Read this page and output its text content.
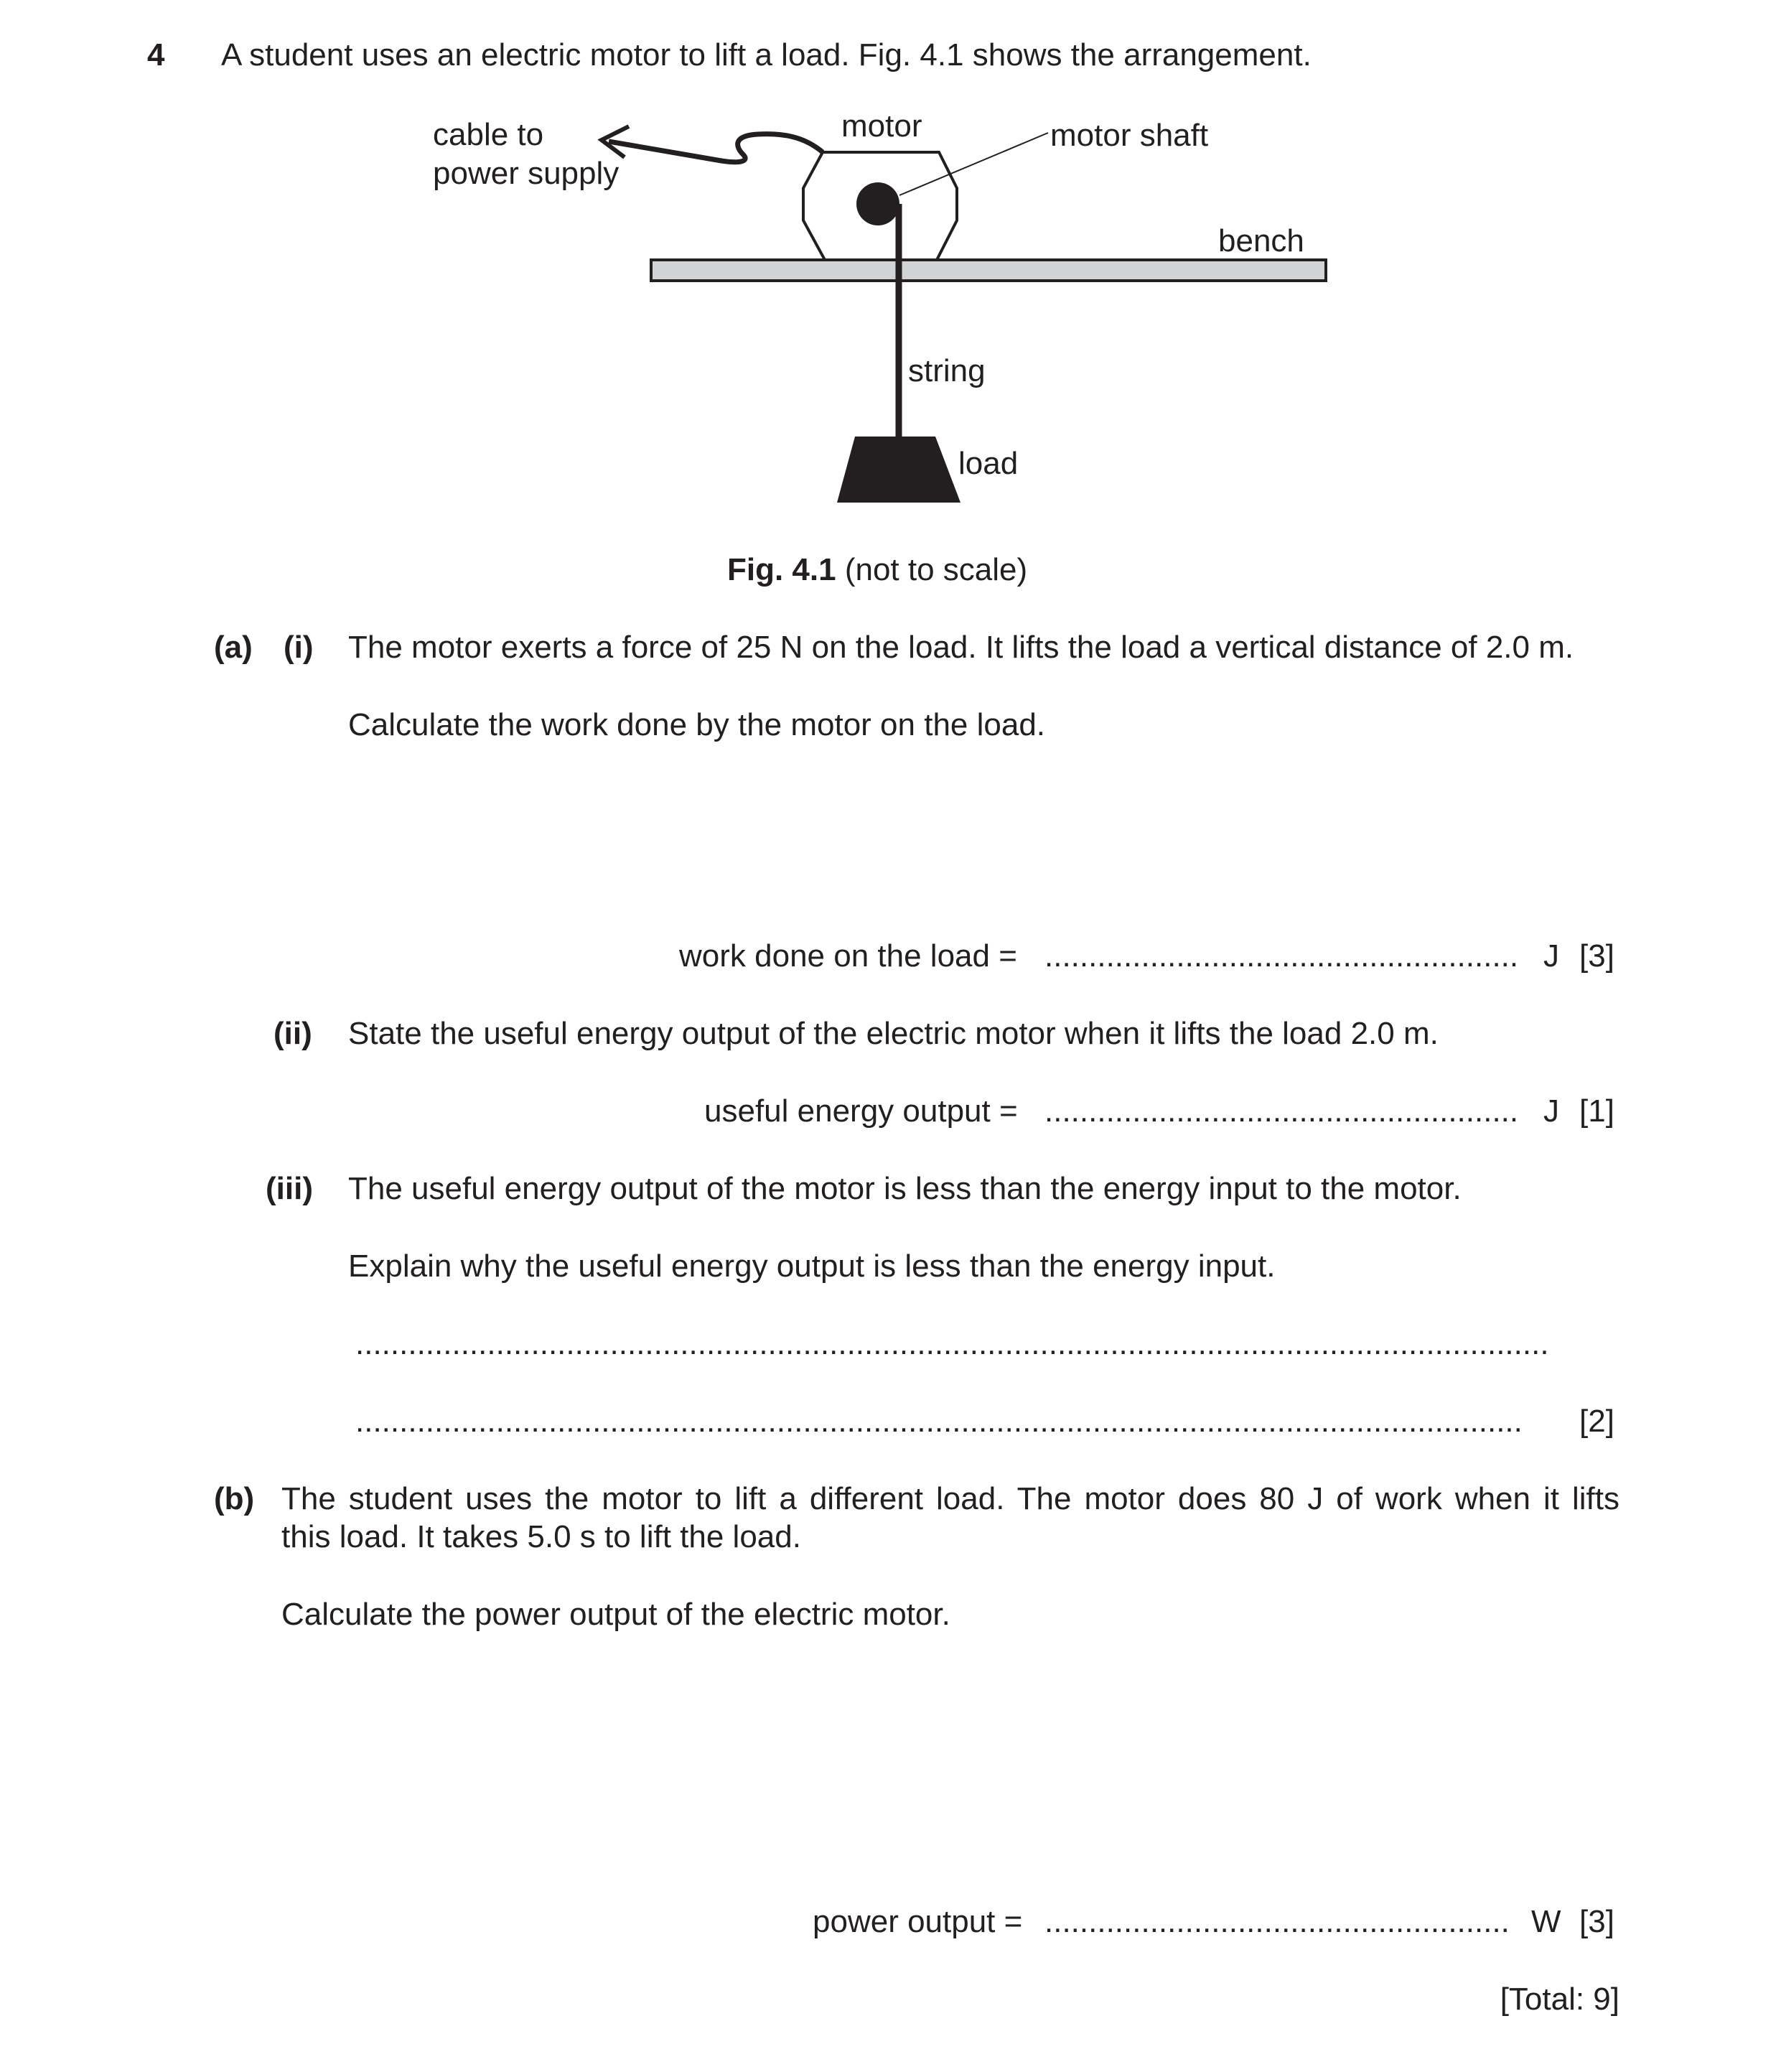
4 A student uses an electric motor to lift a load. Fig. 4.1 shows the arrangement.
cable to
power supply
motor	motor shaft
bench
string
load
Fig. 4.1 (not to scale)
(a) (i) The motor exerts a force of 25 N on the load. It lifts the load a vertical distance of 2.0 m.
Calculate the work done by the motor on the load.
work done on the load = ...................................................... J [3]
(ii) State the useful energy output of the electric motor when it lifts the load 2.0 m.
useful energy output = ...................................................... J [1]
(iii) The useful energy output of the motor is less than the energy input to the motor.
Explain why the useful energy output is less than the energy input.
........................................................................................................................................
..................................................................................................................................... [2]
(b) The student uses the motor to lift a different load. The motor does 80 J of work when it lifts
this load. It takes 5.0 s to lift the load.
Calculate the power output of the electric motor.
power output = ..................................................... W [3]
[Total: 9]
